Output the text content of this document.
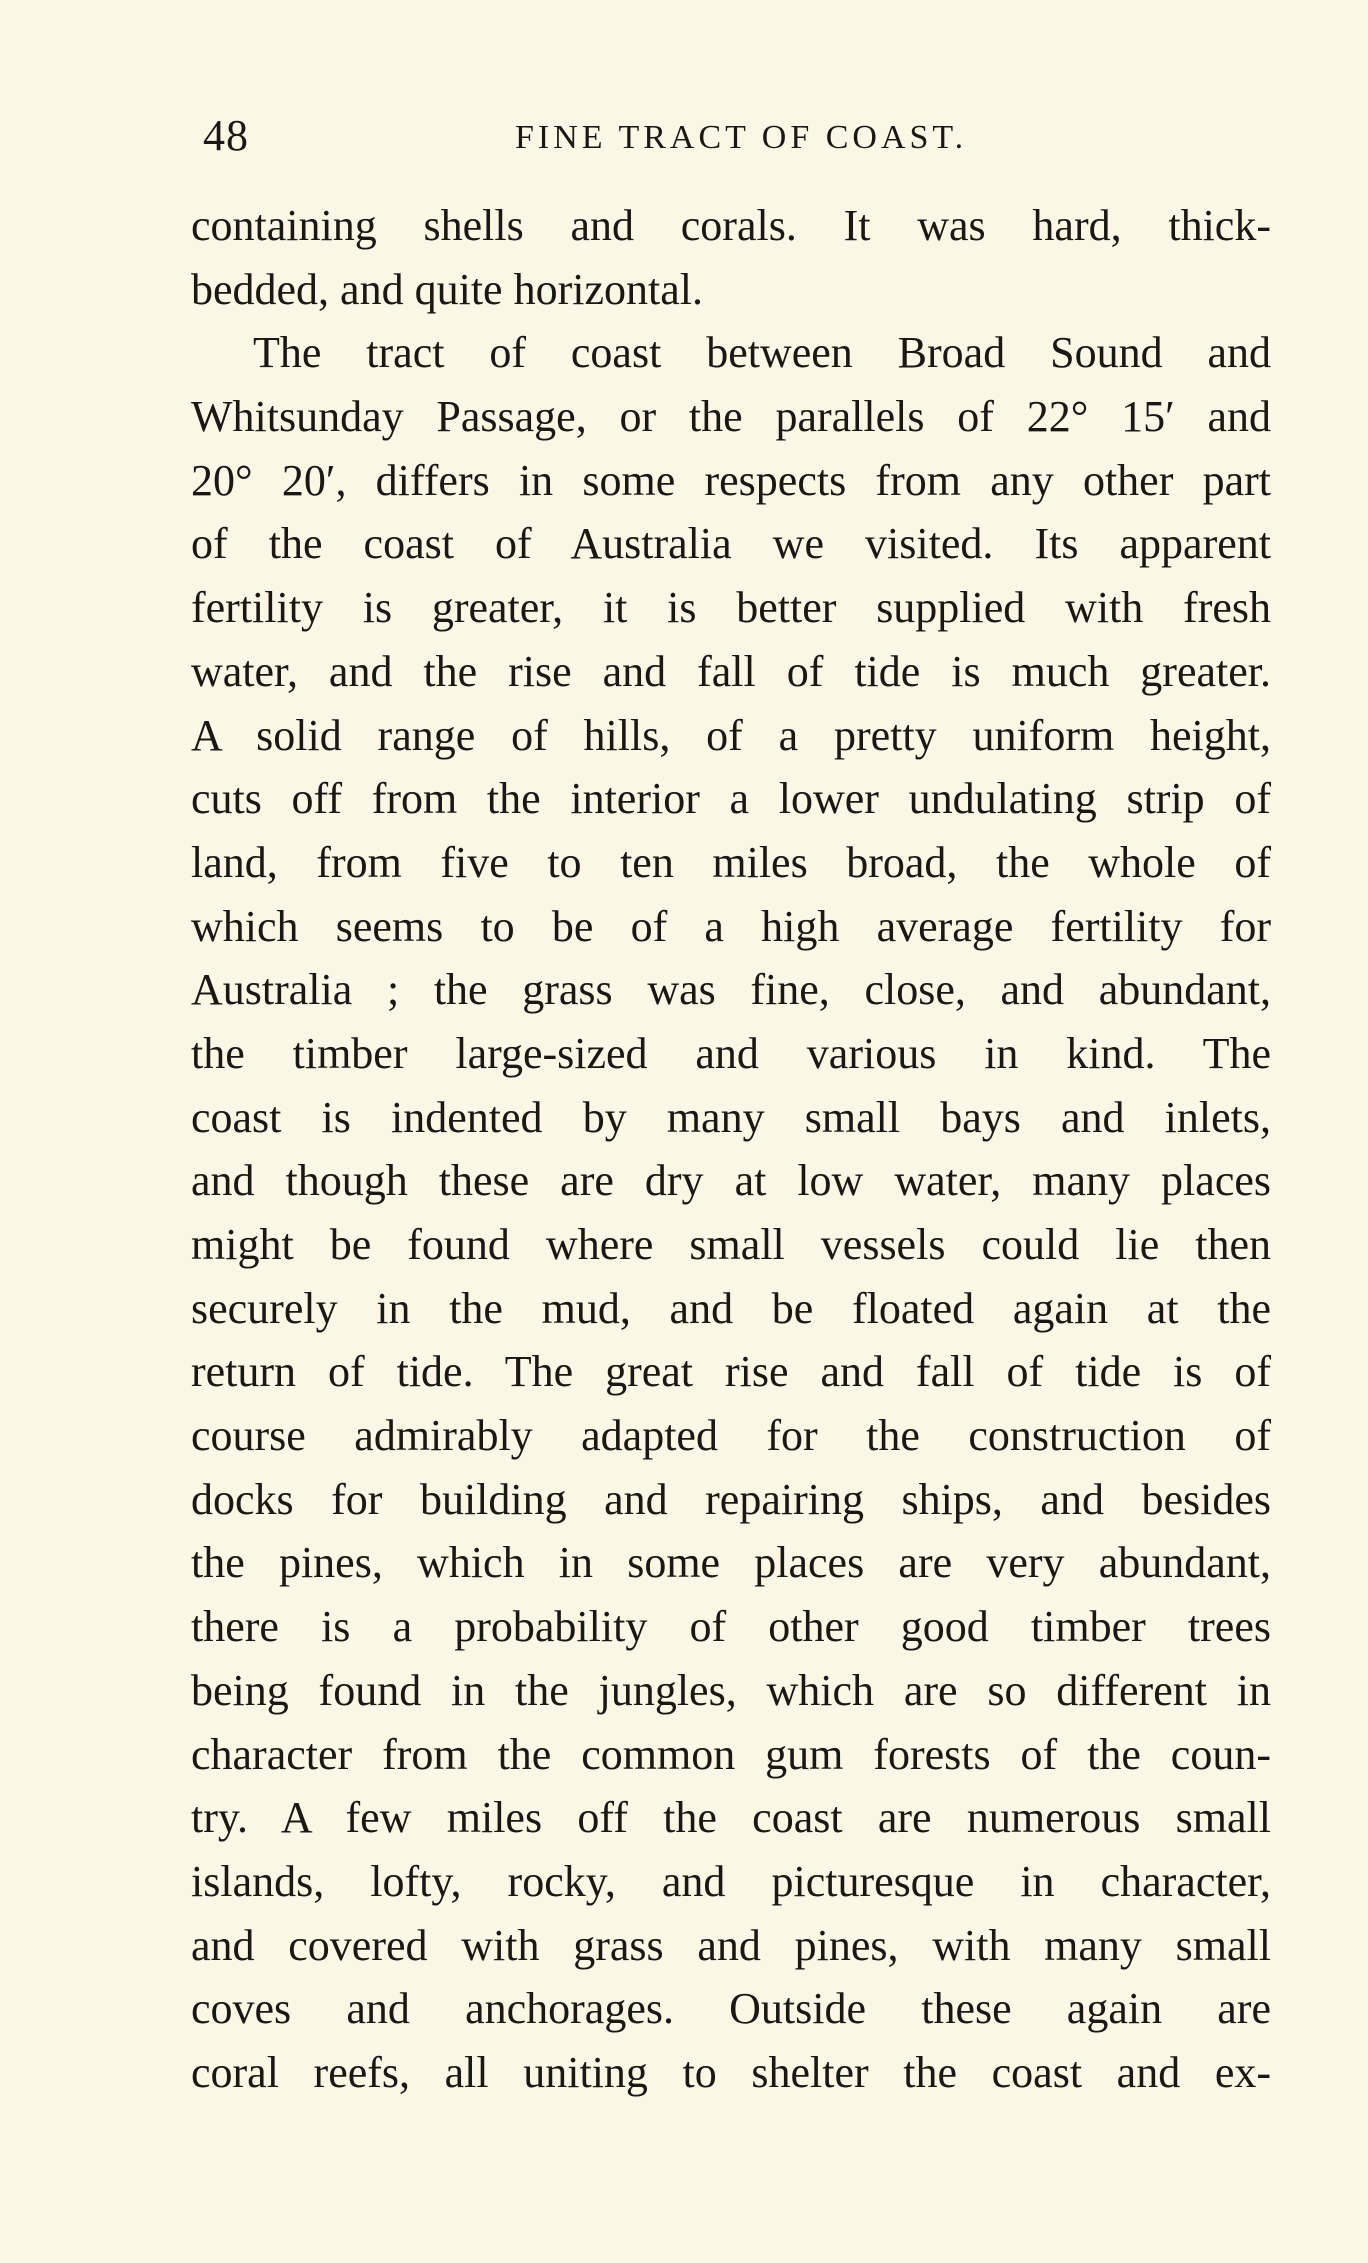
48	FINE TRACT OF COAST.
containing shells and corals. It was hard, thick-
bedded, and quite horizontal.
The tract of coast between Broad Sound and
Whitsunday Passage, or the parallels of 22° 15′ and
20° 20′, differs in some respects from any other part
of the coast of Australia we visited. Its apparent
fertility is greater, it is better supplied with fresh
water, and the rise and fall of tide is much greater.
A solid range of hills, of a pretty uniform height,
cuts off from the interior a lower undulating strip of
land, from five to ten miles broad, the whole of
which seems to be of a high average fertility for
Australia ; the grass was fine, close, and abundant,
the timber large-sized and various in kind. The
coast is indented by many small bays and inlets,
and though these are dry at low water, many places
might be found where small vessels could lie then
securely in the mud, and be floated again at the
return of tide. The great rise and fall of tide is of
course admirably adapted for the construction of
docks for building and repairing ships, and besides
the pines, which in some places are very abundant,
there is a probability of other good timber trees
being found in the jungles, which are so different in
character from the common gum forests of the coun-
try. A few miles off the coast are numerous small
islands, lofty, rocky, and picturesque in character,
and covered with grass and pines, with many small
coves and anchorages. Outside these again are
coral reefs, all uniting to shelter the coast and ex-
